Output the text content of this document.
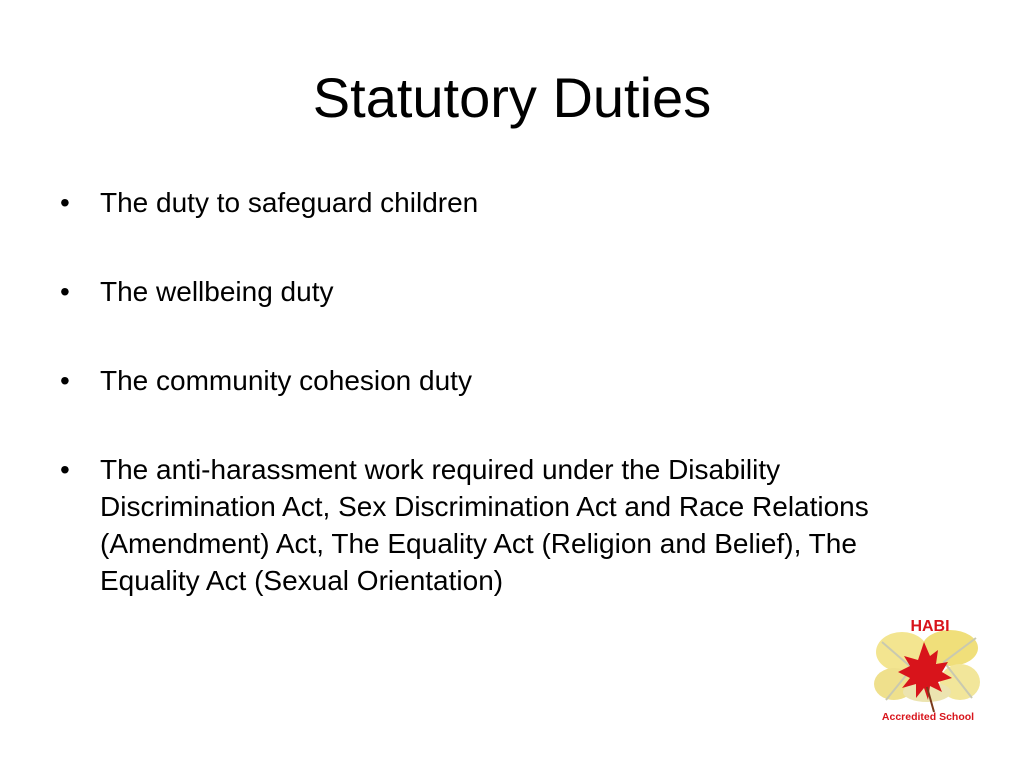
Statutory Duties
• The duty to safeguard children
• The wellbeing duty
• The community cohesion duty
• The anti-harassment work required under the Disability Discrimination Act, Sex Discrimination Act and Race Relations (Amendment) Act, The Equality Act (Religion and Belief), The Equality Act (Sexual Orientation)
HABI
Accredited School
